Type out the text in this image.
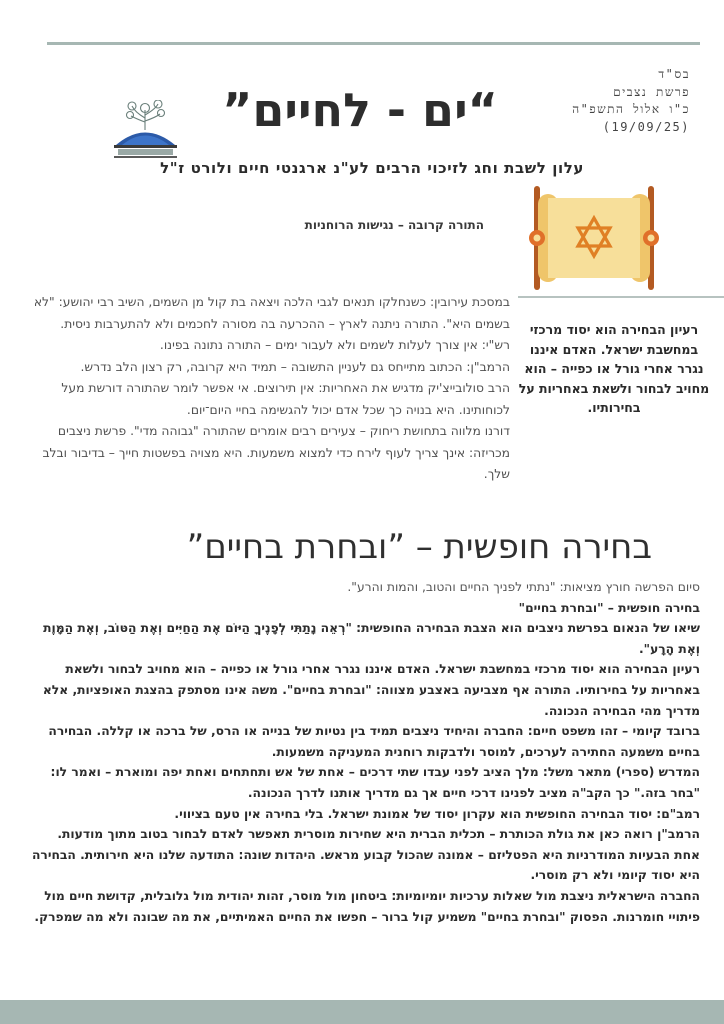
בס"ד
פרשת נצבים
כ"ו אלול התשפ"ה
(19/09/25)
“ים - לחיים”
עלון לשבת וחג לזיכוי הרבים לע"נ ארגנטי חיים ולורט ז"ל
רעיון הבחירה הוא יסוד מרכזי במחשבת ישראל. האדם איננו נגרר אחרי גורל או כפייה – הוא מחויב לבחור ולשאת באחריות על בחירותיו.
התורה קרובה – נגישות הרוחניות

במסכת עירובין: כשנחלקו תנאים לגבי הלכה ויצאה בת קול מן השמים, השיב רבי יהושע: "לא בשמים היא". התורה ניתנה לארץ – ההכרעה בה מסורה לחכמים ולא להתערבות ניסית.

רש"י: אין צורך לעלות לשמים ולא לעבור ימים – התורה נתונה בפינו.

הרמב"ן: הכתוב מתייחס גם לעניין התשובה – תמיד היא קרובה, רק רצון הלב נדרש.

הרב סולובייצ'יק מדגיש את האחריות: אין תירוצים. אי אפשר לומר שהתורה דורשת מעל לכוחותינו. היא בנויה כך שכל אדם יכול להגשימה בחיי היום־יום.

דורנו מלווה בתחושת ריחוק – צעירים רבים אומרים שהתורה "גבוהה מדי". פרשת ניצבים מכריזה: אינך צריך לעוף לירח כדי למצוא משמעות. היא מצויה בפשטות חייך – בדיבור ובלב שלך.

בחירה חופשית – ”ובחרת בחיים”

סיום הפרשה חורץ מציאות: "נתתי לפניך החיים והטוב, והמות והרע".

בחירה חופשית – "ובחרת בחיים"

שיאו של הנאום בפרשת ניצבים הוא הצבת הבחירה החופשית: "רְאֵה נָתַתִּי לְפָנֶיךָ הַיּוֹם אֶת הַחַיִּים וְאֶת הַטּוֹב, וְאֶת הַמָּוֶת וְאֶת הָרָע".

רעיון הבחירה הוא יסוד מרכזי במחשבת ישראל. האדם איננו נגרר אחרי גורל או כפייה – הוא מחויב לבחור ולשאת באחריות על בחירותיו. התורה אף מצביעה באצבע מצווה: "ובחרת בחיים". משה אינו מסתפק בהצגת האופציות, אלא מדריך מהי הבחירה הנכונה.

ברובד קיומי – זהו משפט חיים: החברה והיחיד ניצבים תמיד בין נטיות של בנייה או הרס, של ברכה או קללה. הבחירה בחיים משמעה החתירה לערכים, למוסר ולדבקות רוחנית המעניקה משמעות.

המדרש (ספרי) מתאר משל: מלך הציב לפני עבדו שתי דרכים – אחת של אש ותחתחים ואחת יפה ומוארת – ואמר לו: "בחר בזה." כך הקב"ה מציב לפנינו דרכי חיים אך גם מדריך אותנו לדרך הנכונה.

רמב"ם: יסוד הבחירה החופשית הוא עקרון יסוד של אמונת ישראל. בלי בחירה אין טעם בציווי.

הרמב"ן רואה כאן את גולת הכותרת – תכלית הברית היא שחירות מוסרית תאפשר לאדם לבחור בטוב מתוך מודעות.

אחת הבעיות המודרניות היא הפטליזם – אמונה שהכול קבוע מראש. היהדות שונה: התודעה שלנו היא חירותית. הבחירה היא יסוד קיומי ולא רק מוסרי.

החברה הישראלית ניצבת מול שאלות ערכיות יומיומיות: ביטחון מול מוסר, זהות יהודית מול גלובלית, קדושת חיים מול פיתויי חומרנות. הפסוק "ובחרת בחיים" משמיע קול ברור – חפשו את החיים האמיתיים, את מה שבונה ולא מה שמפרק.
